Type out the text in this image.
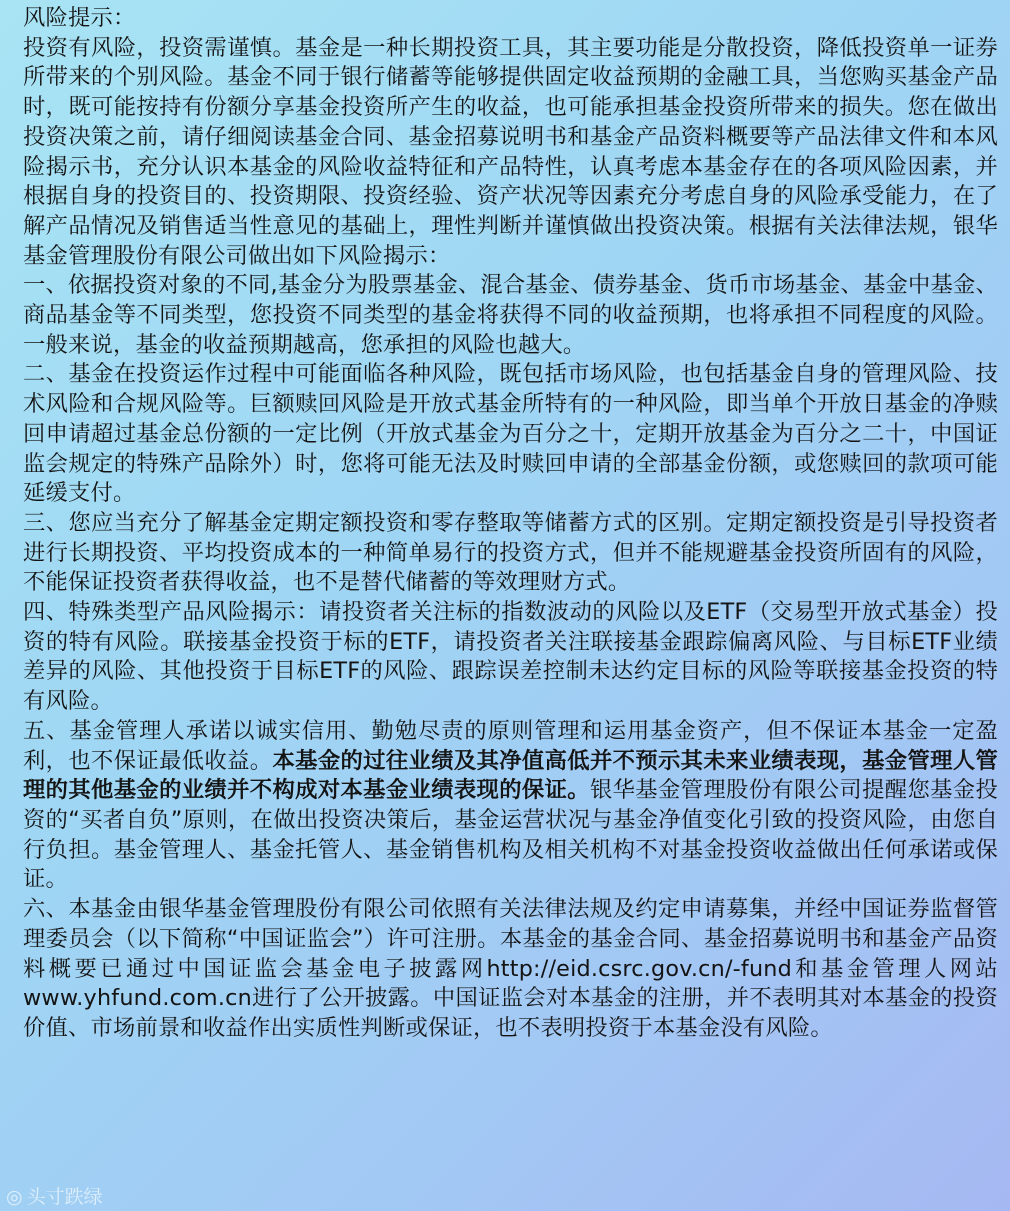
风险提示：

投资有风险，投资需谨慎。基金是一种长期投资工具，其主要功能是分散投资，降低投资单一证券所带来的个别风险。基金不同于银行储蓄等能够提供固定收益预期的金融工具，当您购买基金产品时，既可能按持有份额分享基金投资所产生的收益，也可能承担基金投资所带来的损失。您在做出投资决策之前，请仔细阅读基金合同、基金招募说明书和基金产品资料概要等产品法律文件和本风险揭示书，充分认识本基金的风险收益特征和产品特性，认真考虑本基金存在的各项风险因素，并根据自身的投资目的、投资期限、投资经验、资产状况等因素充分考虑自身的风险承受能力，在了解产品情况及销售适当性意见的基础上，理性判断并谨慎做出投资决策。根据有关法律法规，银华基金管理股份有限公司做出如下风险揭示：

一、依据投资对象的不同,基金分为股票基金、混合基金、债券基金、货币市场基金、基金中基金、商品基金等不同类型，您投资不同类型的基金将获得不同的收益预期，也将承担不同程度的风险。一般来说，基金的收益预期越高，您承担的风险也越大。

二、基金在投资运作过程中可能面临各种风险，既包括市场风险，也包括基金自身的管理风险、技术风险和合规风险等。巨额赎回风险是开放式基金所特有的一种风险，即当单个开放日基金的净赎回申请超过基金总份额的一定比例（开放式基金为百分之十，定期开放基金为百分之二十，中国证监会规定的特殊产品除外）时，您将可能无法及时赎回申请的全部基金份额，或您赎回的款项可能延缓支付。

三、您应当充分了解基金定期定额投资和零存整取等储蓄方式的区别。定期定额投资是引导投资者进行长期投资、平均投资成本的一种简单易行的投资方式，但并不能规避基金投资所固有的风险，不能保证投资者获得收益，也不是替代储蓄的等效理财方式。

四、特殊类型产品风险揭示：请投资者关注标的指数波动的风险以及ETF（交易型开放式基金）投资的特有风险。联接基金投资于标的ETF，请投资者关注联接基金跟踪偏离风险、与目标ETF业绩差异的风险、其他投资于目标ETF的风险、跟踪误差控制未达约定目标的风险等联接基金投资的特有风险。

五、基金管理人承诺以诚实信用、勤勉尽责的原则管理和运用基金资产，但不保证本基金一定盈利，也不保证最低收益。本基金的过往业绩及其净值高低并不预示其未来业绩表现，基金管理人管理的其他基金的业绩并不构成对本基金业绩表现的保证。银华基金管理股份有限公司提醒您基金投资的“买者自负”原则，在做出投资决策后，基金运营状况与基金净值变化引致的投资风险，由您自行负担。基金管理人、基金托管人、基金销售机构及相关机构不对基金投资收益做出任何承诺或保证。

六、本基金由银华基金管理股份有限公司依照有关法律法规及约定申请募集，并经中国证券监督管理委员会（以下简称“中国证监会”）许可注册。本基金的基金合同、基金招募说明书和基金产品资料概要已通过中国证监会基金电子披露网http://eid.csrc.gov.cn/-fund和基金管理人网站www.yhfund.com.cn进行了公开披露。中国证监会对本基金的注册，并不表明其对本基金的投资价值、市场前景和收益作出实质性判断或保证，也不表明投资于本基金没有风险。

◎ 头寸跌绿
